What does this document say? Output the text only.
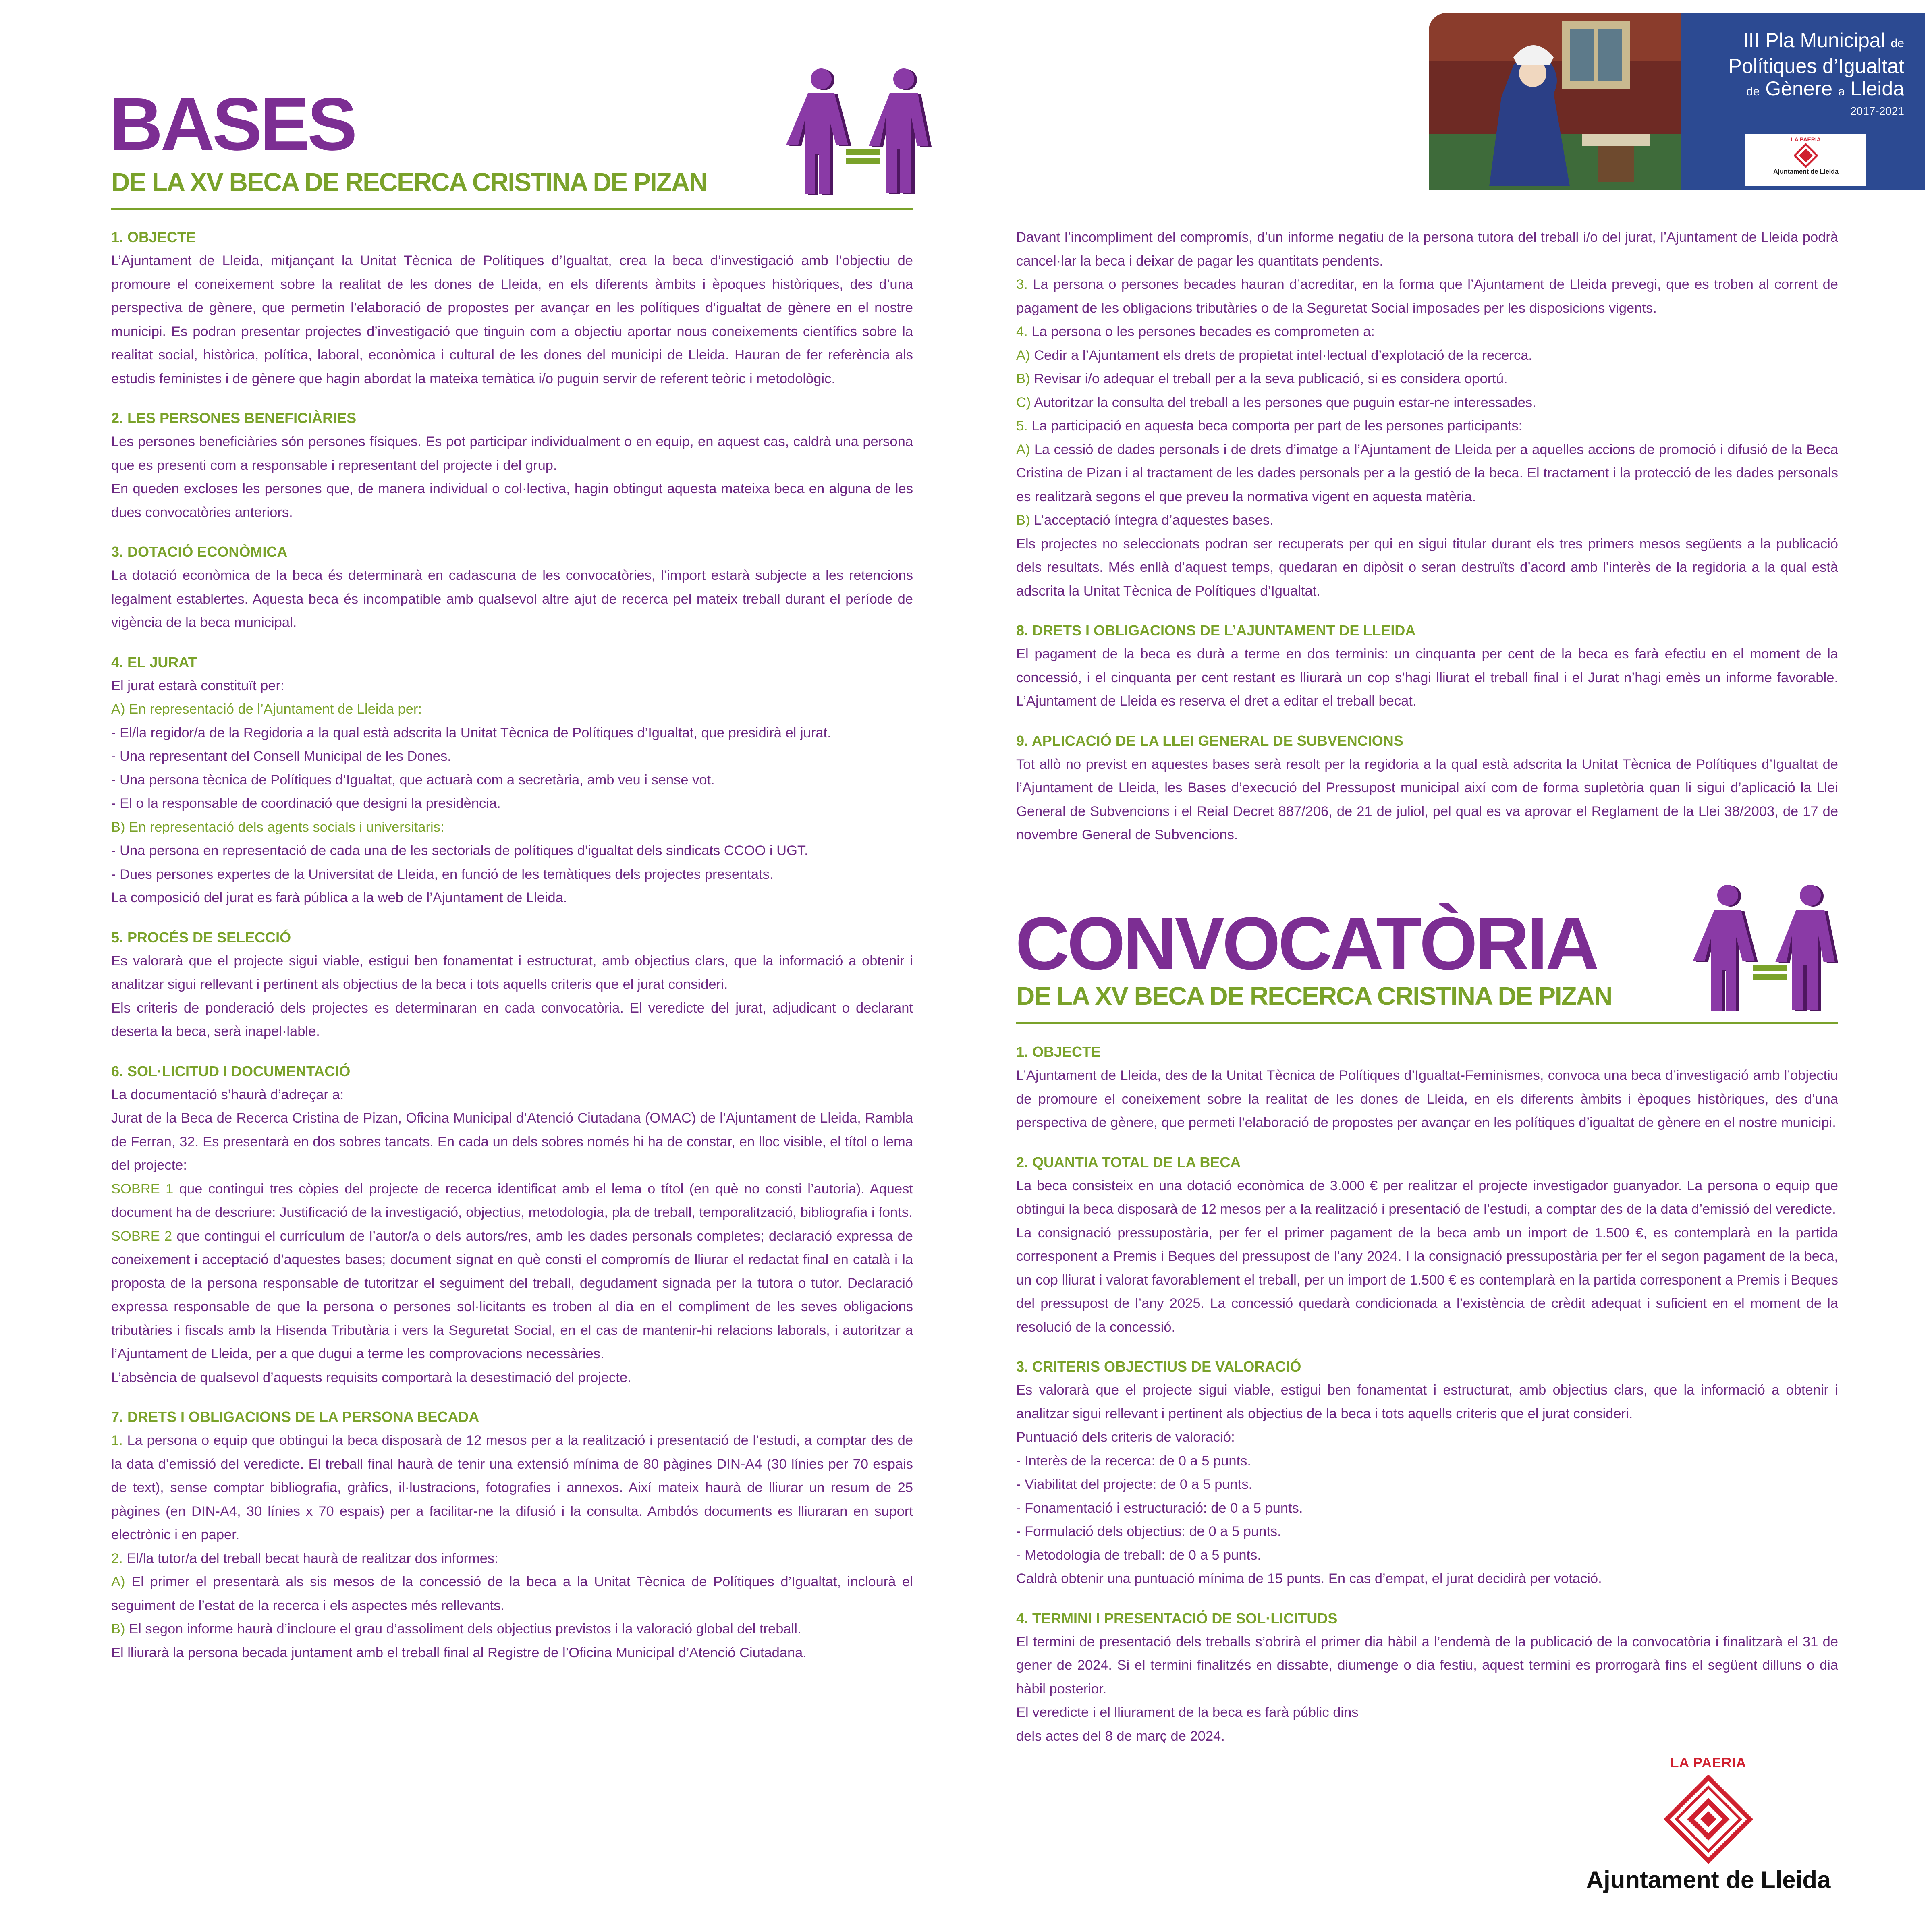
BASES
DE LA XV BECA DE RECERCA CRISTINA DE PIZAN
III Pla Municipal de
Polítiques d’Igualtat
de Gènere a Lleida
2017-2021
LA PAERIA
Ajuntament de Lleida
1. OBJECTE

L’Ajuntament de Lleida, mitjançant la Unitat Tècnica de Polítiques d’Igualtat, crea la beca d’investigació amb l’objectiu de promoure el coneixement sobre la realitat de les dones de Lleida, en els diferents àmbits i èpoques històriques, des d’una perspectiva de gènere, que permetin l’elaboració de propostes per avançar en les polítiques d’igualtat de gènere en el nostre municipi. Es podran presentar projectes d’investigació que tinguin com a objectiu aportar nous coneixements científics sobre la realitat social, històrica, política, laboral, econòmica i cultural de les dones del municipi de Lleida. Hauran de fer referència als estudis feministes i de gènere que hagin abordat la mateixa temàtica i/o puguin servir de referent teòric i metodològic.

2. LES PERSONES BENEFICIÀRIES

Les persones beneficiàries són persones físiques. Es pot participar individualment o en equip, en aquest cas, caldrà una persona que es presenti com a responsable i representant del projecte i del grup.

En queden excloses les persones que, de manera individual o col·lectiva, hagin obtingut aquesta mateixa beca en alguna de les dues convocatòries anteriors.

3. DOTACIÓ ECONÒMICA

La dotació econòmica de la beca és determinarà en cadascuna de les convocatòries, l’import estarà subjecte a les retencions legalment establertes. Aquesta beca és incompatible amb qualsevol altre ajut de recerca pel mateix treball durant el període de vigència de la beca municipal.

4. EL JURAT

El jurat estarà constituït per:

A) En representació de l’Ajuntament de Lleida per:

- El/la regidor/a de la Regidoria a la qual està adscrita la Unitat Tècnica de Polítiques d’Igualtat, que presidirà el jurat.

- Una representant del Consell Municipal de les Dones.

- Una persona tècnica de Polítiques d’Igualtat, que actuarà com a secretària, amb veu i sense vot.

- El o la responsable de coordinació que designi la presidència.

B) En representació dels agents socials i universitaris:

- Una persona en representació de cada una de les sectorials de polítiques d’igualtat dels sindicats CCOO i UGT.

- Dues persones expertes de la Universitat de Lleida, en funció de les temàtiques dels projectes presentats.

La composició del jurat es farà pública a la web de l’Ajuntament de Lleida.

5. PROCÉS DE SELECCIÓ

Es valorarà que el projecte sigui viable, estigui ben fonamentat i estructurat, amb objectius clars, que la informació a obtenir i analitzar sigui rellevant i pertinent als objectius de la beca i tots aquells criteris que el jurat consideri.

Els criteris de ponderació dels projectes es determinaran en cada convocatòria. El veredicte del jurat, adjudicant o declarant deserta la beca, serà inapel·lable.

6. SOL·LICITUD I DOCUMENTACIÓ

La documentació s’haurà d’adreçar a:

Jurat de la Beca de Recerca Cristina de Pizan, Oficina Municipal d’Atenció Ciutadana (OMAC) de l’Ajuntament de Lleida, Rambla de Ferran, 32. Es presentarà en dos sobres tancats. En cada un dels sobres només hi ha de constar, en lloc visible, el títol o lema del projecte:

SOBRE 1 que contingui tres còpies del projecte de recerca identificat amb el lema o títol (en què no consti l’autoria). Aquest document ha de descriure: Justificació de la investigació, objectius, metodologia, pla de treball, temporalització, bibliografia i fonts.

SOBRE 2 que contingui el currículum de l’autor/a o dels autors/res, amb les dades personals completes; declaració expressa de coneixement i acceptació d’aquestes bases; document signat en què consti el compromís de lliurar el redactat final en català i la proposta de la persona responsable de tutoritzar el seguiment del treball, degudament signada per la tutora o tutor. Declaració expressa responsable de que la persona o persones sol·licitants es troben al dia en el compliment de les seves obligacions tributàries i fiscals amb la Hisenda Tributària i vers la Seguretat Social, en el cas de mantenir-hi relacions laborals, i autoritzar a l’Ajuntament de Lleida, per a que dugui a terme les comprovacions necessàries.

L’absència de qualsevol d’aquests requisits comportarà la desestimació del projecte.

7. DRETS I OBLIGACIONS DE LA PERSONA BECADA

1. La persona o equip que obtingui la beca disposarà de 12 mesos per a la realització i presentació de l’estudi, a comptar des de la data d’emissió del veredicte. El treball final haurà de tenir una extensió mínima de 80 pàgines DIN-A4 (30 línies per 70 espais de text), sense comptar bibliografia, gràfics, il·lustracions, fotografies i annexos. Així mateix haurà de lliurar un resum de 25 pàgines (en DIN-A4, 30 línies x 70 espais) per a facilitar-ne la difusió i la consulta. Ambdós documents es lliuraran en suport electrònic i en paper.

2. El/la tutor/a del treball becat haurà de realitzar dos informes:

A) El primer el presentarà als sis mesos de la concessió de la beca a la Unitat Tècnica de Polítiques d’Igualtat, inclourà el seguiment de l’estat de la recerca i els aspectes més rellevants.

B) El segon informe haurà d’incloure el grau d’assoliment dels objectius previstos i la valoració global del treball.

El lliurarà la persona becada juntament amb el treball final al Registre de l’Oficina Municipal d’Atenció Ciutadana.

Davant l’incompliment del compromís, d’un informe negatiu de la persona tutora del treball i/o del jurat, l’Ajuntament de Lleida podrà cancel·lar la beca i deixar de pagar les quantitats pendents.

3. La persona o persones becades hauran d’acreditar, en la forma que l’Ajuntament de Lleida prevegi, que es troben al corrent de pagament de les obligacions tributàries o de la Seguretat Social imposades per les disposicions vigents.

4. La persona o les persones becades es comprometen a:

A) Cedir a l’Ajuntament els drets de propietat intel·lectual d’explotació de la recerca.

B) Revisar i/o adequar el treball per a la seva publicació, si es considera oportú.

C) Autoritzar la consulta del treball a les persones que puguin estar-ne interessades.

5. La participació en aquesta beca comporta per part de les persones participants:

A) La cessió de dades personals i de drets d’imatge a l’Ajuntament de Lleida per a aquelles accions de promoció i difusió de la Beca Cristina de Pizan i al tractament de les dades personals per a la gestió de la beca. El tractament i la protecció de les dades personals es realitzarà segons el que preveu la normativa vigent en aquesta matèria.

B) L’acceptació íntegra d’aquestes bases.

Els projectes no seleccionats podran ser recuperats per qui en sigui titular durant els tres primers mesos següents a la publicació dels resultats. Més enllà d’aquest temps, quedaran en dipòsit o seran destruïts d’acord amb l’interès de la regidoria a la qual està adscrita la Unitat Tècnica de Polítiques d’Igualtat.

8. DRETS I OBLIGACIONS DE L’AJUNTAMENT DE LLEIDA

El pagament de la beca es durà a terme en dos terminis: un cinquanta per cent de la beca es farà efectiu en el moment de la concessió, i el cinquanta per cent restant es lliurarà un cop s’hagi lliurat el treball final i el Jurat n’hagi emès un informe favorable. L’Ajuntament de Lleida es reserva el dret a editar el treball becat.

9. APLICACIÓ DE LA LLEI GENERAL DE SUBVENCIONS

Tot allò no previst en aquestes bases serà resolt per la regidoria a la qual està adscrita la Unitat Tècnica de Polítiques d’Igualtat de l’Ajuntament de Lleida, les Bases d’execució del Pressupost municipal així com de forma supletòria quan li sigui d’aplicació la Llei General de Subvencions i el Reial Decret 887/206, de 21 de juliol, pel qual es va aprovar el Reglament de la Llei 38/2003, de 17 de novembre General de Subvencions.

CONVOCATÒRIA
DE LA XV BECA DE RECERCA CRISTINA DE PIZAN
1. OBJECTE

L’Ajuntament de Lleida, des de la Unitat Tècnica de Polítiques d’Igualtat-Feminismes, convoca una beca d’investigació amb l’objectiu de promoure el coneixement sobre la realitat de les dones de Lleida, en els diferents àmbits i èpoques històriques, des d’una perspectiva de gènere, que permeti l’elaboració de propostes per avançar en les polítiques d’igualtat de gènere en el nostre municipi.

2. QUANTIA TOTAL DE LA BECA

La beca consisteix en una dotació econòmica de 3.000 € per realitzar el projecte investigador guanyador. La persona o equip que obtingui la beca disposarà de 12 mesos per a la realització i presentació de l’estudi, a comptar des de la data d’emissió del veredicte.

La consignació pressupostària, per fer el primer pagament de la beca amb un import de 1.500 €, es contemplarà en la partida corresponent a Premis i Beques del pressupost de l’any 2024. I la consignació pressupostària per fer el segon pagament de la beca, un cop lliurat i valorat favorablement el treball, per un import de 1.500 € es contemplarà en la partida corresponent a Premis i Beques del pressupost de l’any 2025. La concessió quedarà condicionada a l’existència de crèdit adequat i suficient en el moment de la resolució de la concessió.

3. CRITERIS OBJECTIUS DE VALORACIÓ

Es valorarà que el projecte sigui viable, estigui ben fonamentat i estructurat, amb objectius clars, que la informació a obtenir i analitzar sigui rellevant i pertinent als objectius de la beca i tots aquells criteris que el jurat consideri.

Puntuació dels criteris de valoració:

- Interès de la recerca: de 0 a 5 punts.

- Viabilitat del projecte: de 0 a 5 punts.

- Fonamentació i estructuració: de 0 a 5 punts.

- Formulació dels objectius: de 0 a 5 punts.

- Metodologia de treball: de 0 a 5 punts.

Caldrà obtenir una puntuació mínima de 15 punts. En cas d’empat, el jurat decidirà per votació.

4. TERMINI I PRESENTACIÓ DE SOL·LICITUDS

El termini de presentació dels treballs s’obrirà el primer dia hàbil a l’endemà de la publicació de la convocatòria i finalitzarà el 31 de gener de 2024. Si el termini finalitzés en dissabte, diumenge o dia festiu, aquest termini es prorrogarà fins el següent dilluns o dia hàbil posterior.

El veredicte i el lliurament de la beca es farà públic dins

dels actes del 8 de març de 2024.

LA PAERIA
Ajuntament de Lleida
